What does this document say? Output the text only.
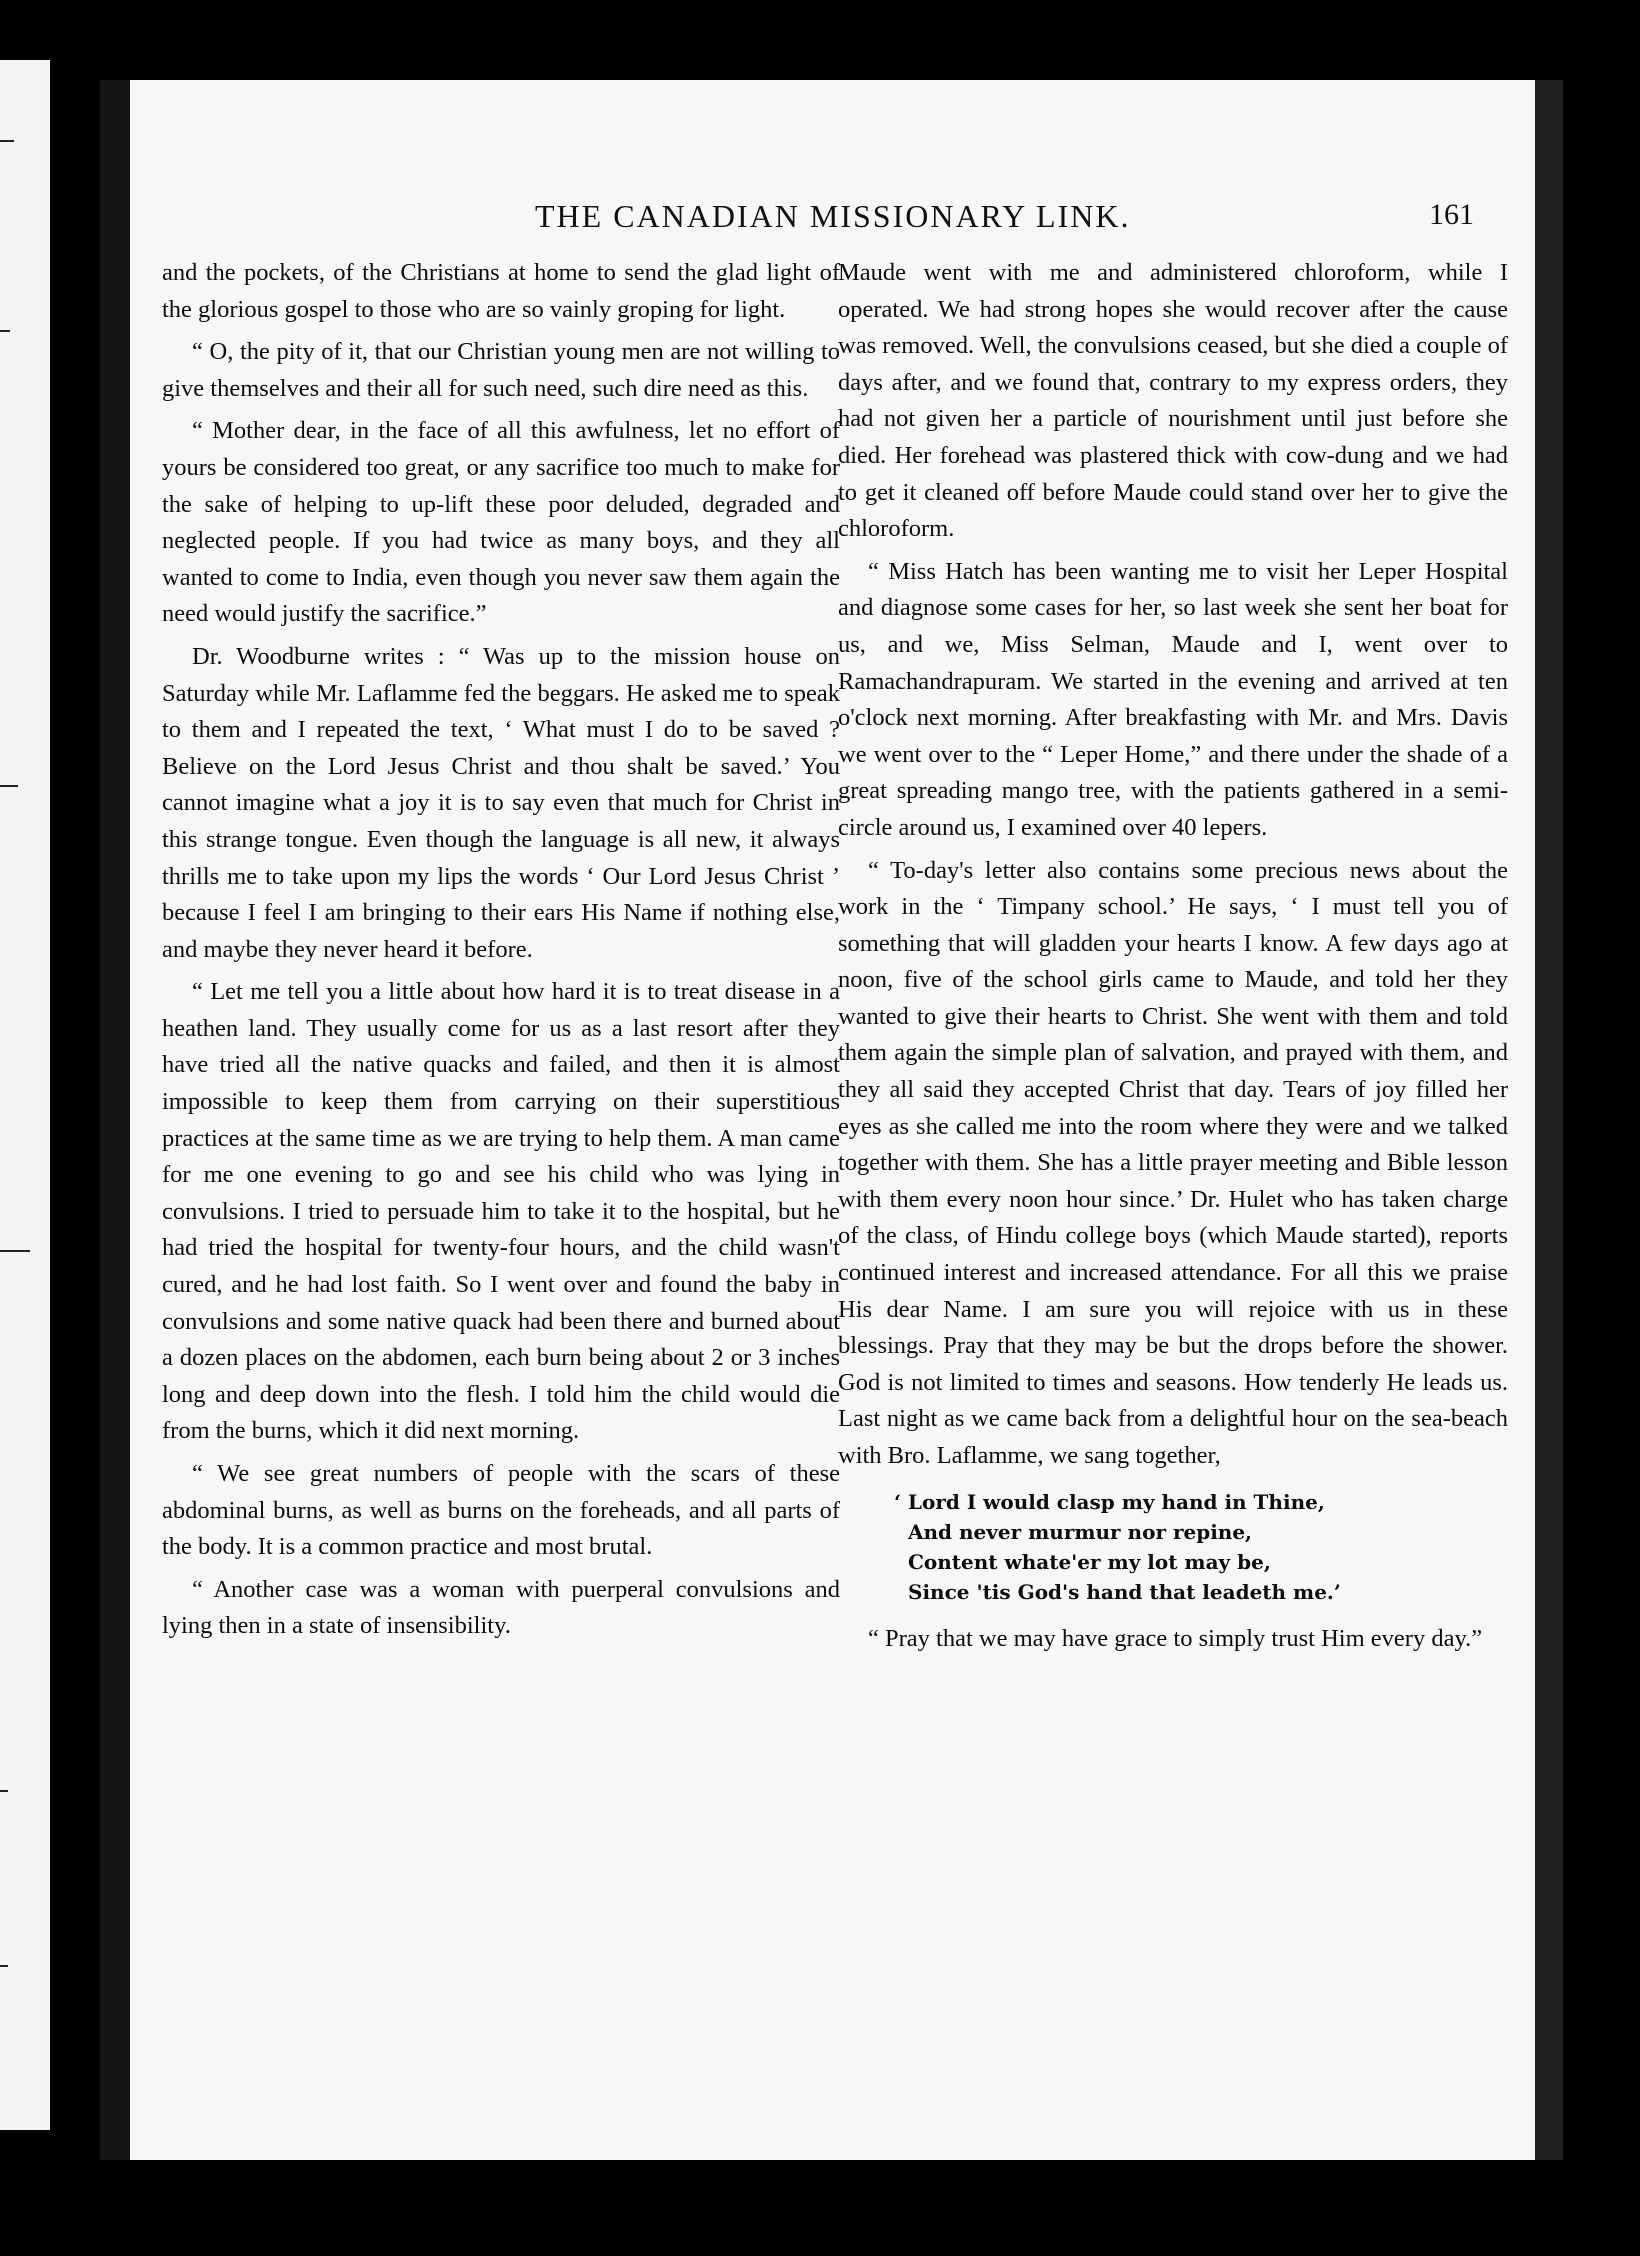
THE CANADIAN MISSIONARY LINK.	161

and the pockets, of the Christians at home to send the glad light of the glorious gospel to those who are so vainly groping for light.

“ O, the pity of it, that our Christian young men are not willing to give themselves and their all for such need, such dire need as this.

“ Mother dear, in the face of all this awfulness, let no effort of yours be considered too great, or any sacrifice too much to make for the sake of helping to up-lift these poor deluded, degraded and neglected people. If you had twice as many boys, and they all wanted to come to India, even though you never saw them again the need would justify the sacrifice.”

Dr. Woodburne writes : “ Was up to the mission house on Saturday while Mr. Laflamme fed the beggars. He asked me to speak to them and I repeated the text, ‘ What must I do to be saved ? Believe on the Lord Jesus Christ and thou shalt be saved.’ You cannot imagine what a joy it is to say even that much for Christ in this strange tongue. Even though the language is all new, it always thrills me to take upon my lips the words ‘ Our Lord Jesus Christ ’ because I feel I am bringing to their ears His Name if nothing else, and maybe they never heard it before.

“ Let me tell you a little about how hard it is to treat disease in a heathen land. They usually come for us as a last resort after they have tried all the native quacks and failed, and then it is almost impossible to keep them from carrying on their superstitious practices at the same time as we are trying to help them. A man came for me one evening to go and see his child who was lying in convulsions. I tried to persuade him to take it to the hospital, but he had tried the hospital for twenty-four hours, and the child wasn't cured, and he had lost faith. So I went over and found the baby in convulsions and some native quack had been there and burned about a dozen places on the abdomen, each burn being about 2 or 3 inches long and deep down into the flesh. I told him the child would die from the burns, which it did next morning.

“ We see great numbers of people with the scars of these abdominal burns, as well as burns on the foreheads, and all parts of the body. It is a common practice and most brutal.

“ Another case was a woman with puerperal convulsions and lying then in a state of insensibility.

Maude went with me and administered chloroform, while I operated. We had strong hopes she would recover after the cause was removed. Well, the convulsions ceased, but she died a couple of days after, and we found that, contrary to my express orders, they had not given her a particle of nourishment until just before she died. Her forehead was plastered thick with cow-dung and we had to get it cleaned off before Maude could stand over her to give the chloroform.

“ Miss Hatch has been wanting me to visit her Leper Hospital and diagnose some cases for her, so last week she sent her boat for us, and we, Miss Selman, Maude and I, went over to Ramachandrapuram. We started in the evening and arrived at ten o'clock next morning. After breakfasting with Mr. and Mrs. Davis we went over to the “ Leper Home,” and there under the shade of a great spreading mango tree, with the patients gathered in a semi-circle around us, I examined over 40 lepers.

“ To-day's letter also contains some precious news about the work in the ‘ Timpany school.’ He says, ‘ I must tell you of something that will gladden your hearts I know. A few days ago at noon, five of the school girls came to Maude, and told her they wanted to give their hearts to Christ. She went with them and told them again the simple plan of salvation, and prayed with them, and they all said they accepted Christ that day. Tears of joy filled her eyes as she called me into the room where they were and we talked together with them. She has a little prayer meeting and Bible lesson with them every noon hour since.’ Dr. Hulet who has taken charge of the class, of Hindu college boys (which Maude started), reports continued interest and increased attendance. For all this we praise His dear Name. I am sure you will rejoice with us in these blessings. Pray that they may be but the drops before the shower. God is not limited to times and seasons. How tenderly He leads us. Last night as we came back from a delightful hour on the sea-beach with Bro. Laflamme, we sang together,

‘ Lord I would clasp my hand in Thine,
And never murmur nor repine,
Content whate'er my lot may be,
Since 'tis God's hand that leadeth me.’

“ Pray that we may have grace to simply trust Him every day.”
